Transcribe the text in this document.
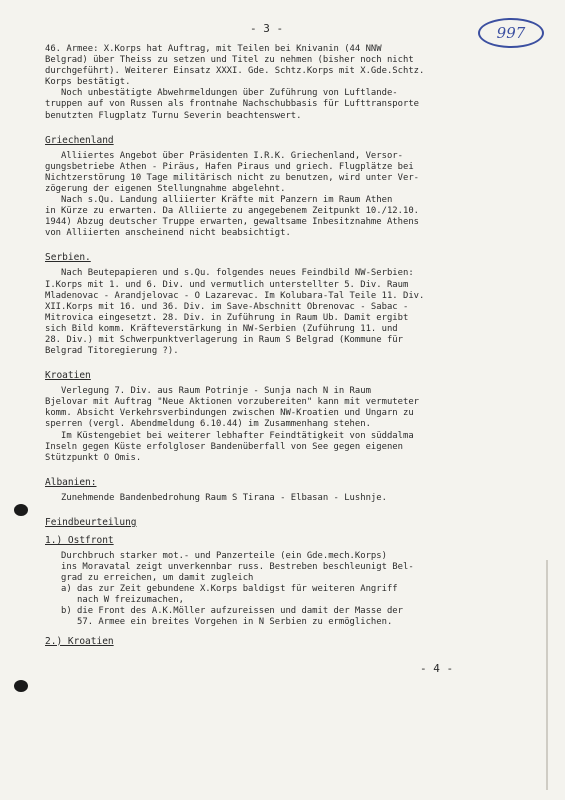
- 3 -	997
46. Armee: X.Korps hat Auftrag, mit Teilen bei Knivanin (44 NNW
Belgrad) über Theiss zu setzen und Titel zu nehmen (bisher noch nicht
durchgeführt). Weiterer Einsatz XXXI. Gde. Schtz.Korps mit X.Gde.Schtz.
Korps bestätigt.
Noch unbestätigte Abwehrmeldungen über Zuführung von Luftlande-
truppen auf von Russen als frontnahe Nachschubbasis für Lufttransporte
benutzten Flugplatz Turnu Severin beachtenswert.
Griechenland
Alliiertes Angebot über Präsidenten I.R.K. Griechenland, Versor-
gungsbetriebe Athen - Piräus, Hafen Piraus und griech. Flugplätze bei
Nichtzerstörung 10 Tage militärisch nicht zu benutzen, wird unter Ver-
zögerung der eigenen Stellungnahme abgelehnt.
Nach s.Qu. Landung alliierter Kräfte mit Panzern im Raum Athen
in Kürze zu erwarten. Da Alliierte zu angegebenem Zeitpunkt 10./12.10.
1944) Abzug deutscher Truppe erwarten, gewaltsame Inbesitznahme Athens
von Alliierten anscheinend nicht beabsichtigt.
Serbien.
Nach Beutepapieren und s.Qu. folgendes neues Feindbild NW-Serbien:
I.Korps mit 1. und 6. Div. und vermutlich unterstellter 5. Div. Raum
Mladenovac - Arandjelovac - O Lazarevac. Im Kolubara-Tal Teile 11. Div.
XII.Korps mit 16. und 36. Div. im Save-Abschnitt Obrenovac - Sabac -
Mitrovica eingesetzt. 28. Div. in Zuführung in Raum Ub. Damit ergibt
sich Bild komm. Kräfteverstärkung in NW-Serbien (Zuführung 11. und
28. Div.) mit Schwerpunktverlagerung in Raum S Belgrad (Kommune für
Belgrad Titoregierung ?).
Kroatien
Verlegung 7. Div. aus Raum Potrinje - Sunja nach N in Raum
Bjelovar mit Auftrag "Neue Aktionen vorzubereiten" kann mit vermuteter
komm. Absicht Verkehrsverbindungen zwischen NW-Kroatien und Ungarn zu
sperren (vergl. Abendmeldung 6.10.44) im Zusammenhang stehen.
Im Küstengebiet bei weiterer lebhafter Feindtätigkeit von süddalma
Inseln gegen Küste erfolgloser Bandenüberfall von See gegen eigenen
Stützpunkt O Omis.
Albanien:
Zunehmende Bandenbedrohung Raum S Tirana - Elbasan - Lushnje.
Feindbeurteilung
1.) Ostfront
Durchbruch starker mot.- und Panzerteile (ein Gde.mech.Korps)
ins Moravatal zeigt unverkennbar russ. Bestreben beschleunigt Bel-
grad zu erreichen, um damit zugleich
a) das zur Zeit gebundene X.Korps baldigst für weiteren Angriff
nach W freizumachen,
b) die Front des A.K.Möller aufzureissen und damit der Masse der
57. Armee ein breites Vorgehen in N Serbien zu ermöglichen.
2.) Kroatien
- 4 -
